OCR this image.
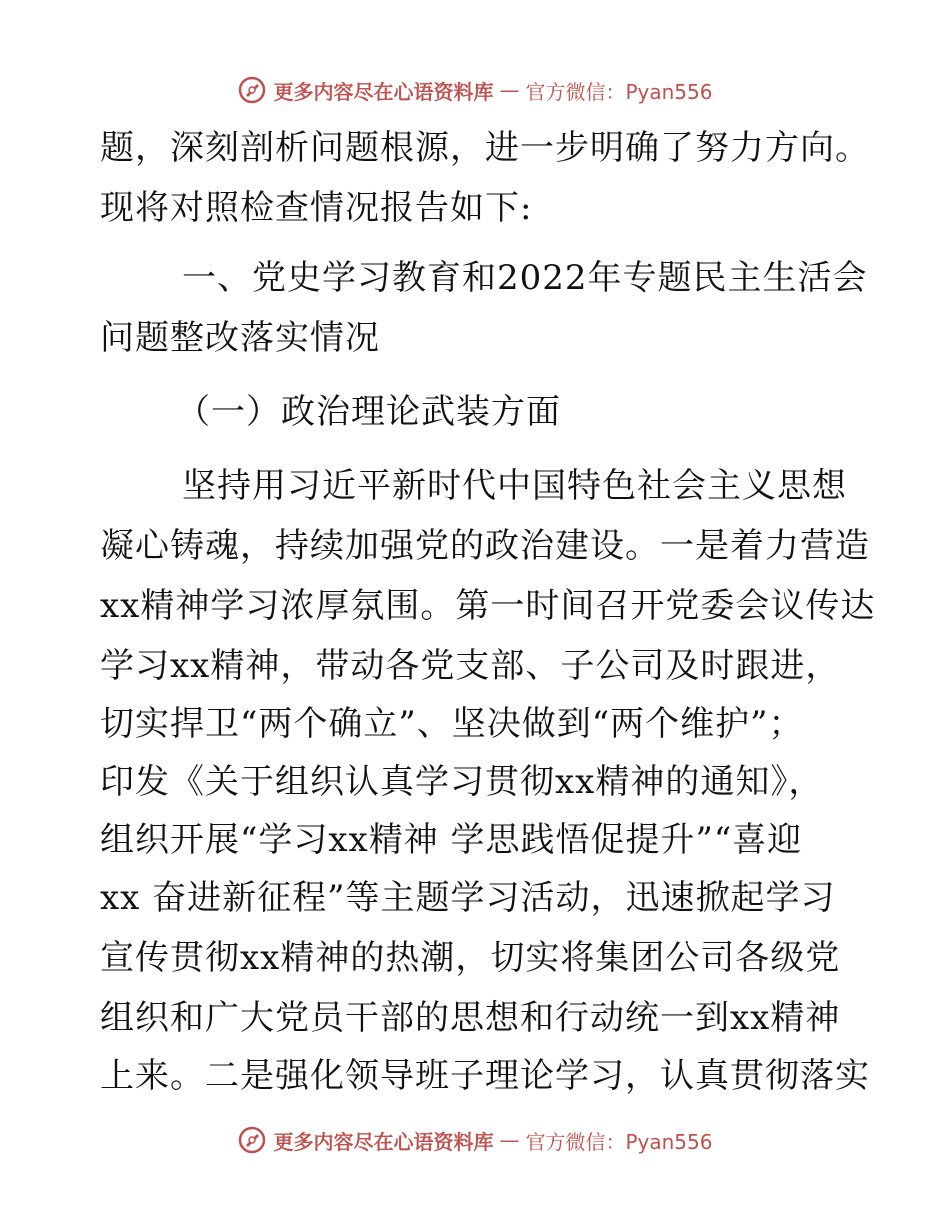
更多内容尽在心语资料库 — 官方微信：Pyan556
题，深刻剖析问题根源，进一步明确了努力方向。
现将对照检查情况报告如下:
一、党史学习教育和2022年专题民主生活会
问题整改落实情况
（一）政治理论武装方面
坚持用习近平新时代中国特色社会主义思想
凝心铸魂，持续加强党的政治建设。一是着力营造
xx精神学习浓厚氛围。第一时间召开党委会议传达
学习xx精神，带动各党支部、子公司及时跟进，
切实捍卫“两个确立”、坚决做到“两个维护”；
印发《关于组织认真学习贯彻xx精神的通知》，
组织开展“学习xx精神 学思践悟促提升”“喜迎
xx 奋进新征程”等主题学习活动，迅速掀起学习
宣传贯彻xx精神的热潮，切实将集团公司各级党
组织和广大党员干部的思想和行动统一到xx精神
上来。二是强化领导班子理论学习，认真贯彻落实
更多内容尽在心语资料库 — 官方微信：Pyan556
